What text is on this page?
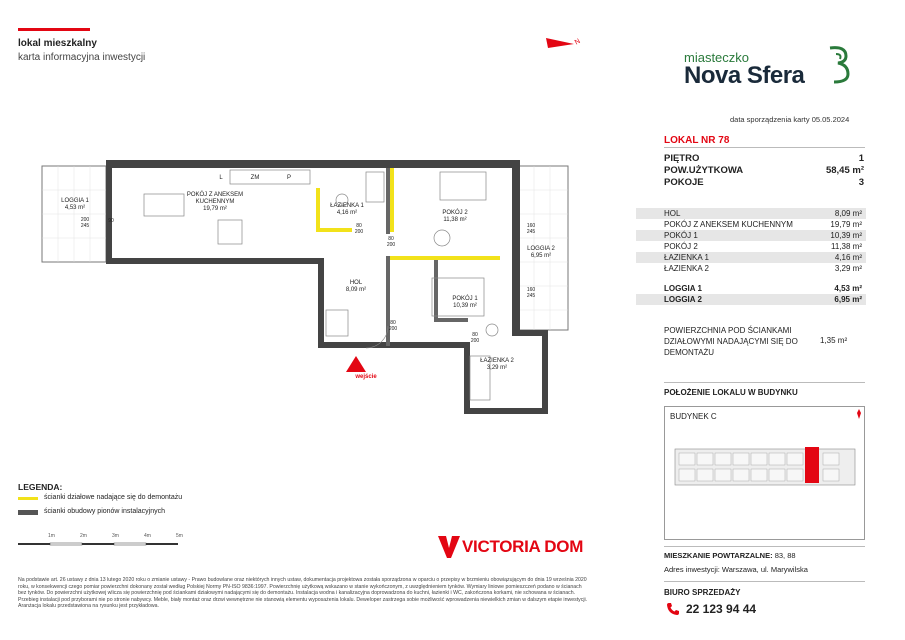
lokal mieszkalny
karta informacyjna inwestycji
N
miasteczko
Nova Sfera
data sporządzenia karty 05.05.2024
LOKAL NR 78
PIĘTRO	1
POW.UŻYTKOWA	58,45 m²
POKOJE	3
HOL	8,09 m²
POKÓJ Z ANEKSEM KUCHENNYM	19,79 m²
POKÓJ 1	10,39 m²
POKÓJ 2	11,38 m²
ŁAZIENKA 1	4,16 m²
ŁAZIENKA 2	3,29 m²
LOGGIA 1	4,53 m²
LOGGIA 2	6,95 m²
POWIERZCHNIA POD ŚCIANKAMI DZIAŁOWYMI NADAJĄCYMI SIĘ DO DEMONTAŻU
1,35 m²
POŁOŻENIE LOKALU W BUDYNKU
BUDYNEK C
MIESZKANIE POWTARZALNE: 83, 88
Adres inwestycji: Warszawa, ul. Marywilska
BIURO SPRZEDAŻY
22 123 94 44
LOGGIA 1
4,53 m²
POKÓJ Z ANEKSEM
KUCHENNYM
19,79 m²	ŁAZIENKA 1
4,16 m²	POKÓJ 2
11,38 m²
LOGGIA 2
6,95 m²
HOL
8,09 m²
POKÓJ 1
10,39 m²
ŁAZIENKA 2
3,29 m²
wejście
L	ZM	P
200
245	80
200
80
200
160
245
160
245
80
200
80
200
90
LEGENDA:
ścianki działowe nadające się do demontażu
ścianki obudowy pionów instalacyjnych
1m	2m	3m	4m	5m
VICTORIA DOM
Na podstawie art. 26 ustawy z dnia 13 lutego 2020 roku o zmianie ustawy - Prawo budowlane oraz niektórych innych ustaw, dokumentacja projektowa została sporządzona w oparciu o przepisy w brzmieniu obowiązującym do dnia 19 września 2020 roku, w konsekwencji czego pomiar powierzchni dokonany został według Polskiej Normy PN-ISO 9836:1997. Powierzchnię użytkową wskazano w stanie wykończonym, z uwzględnieniem tynków. Wymiary liniowe pomieszczeń podano w ścianach bez tynków. Do powierzchni użytkowej wlicza się powierzchnię pod ściankami działowymi nadającymi się do demontażu. Instalacja wodna i kanalizacyjna doprowadzona do kuchni, łazienki i WC, zakończona korkami, nie schowana w ścianach. Przebieg instalacji pod przyborami nie po stronie nabywcy. Meble, biały montaż oraz drzwi wewnętrzne nie stanowią elementu wyposażenia lokalu. Deweloper zastrzega sobie możliwość wprowadzenia niewielkich zmian w dalszym etapie inwestycji. Aranżacja lokalu przedstawiona na rysunku jest przykładowa.
